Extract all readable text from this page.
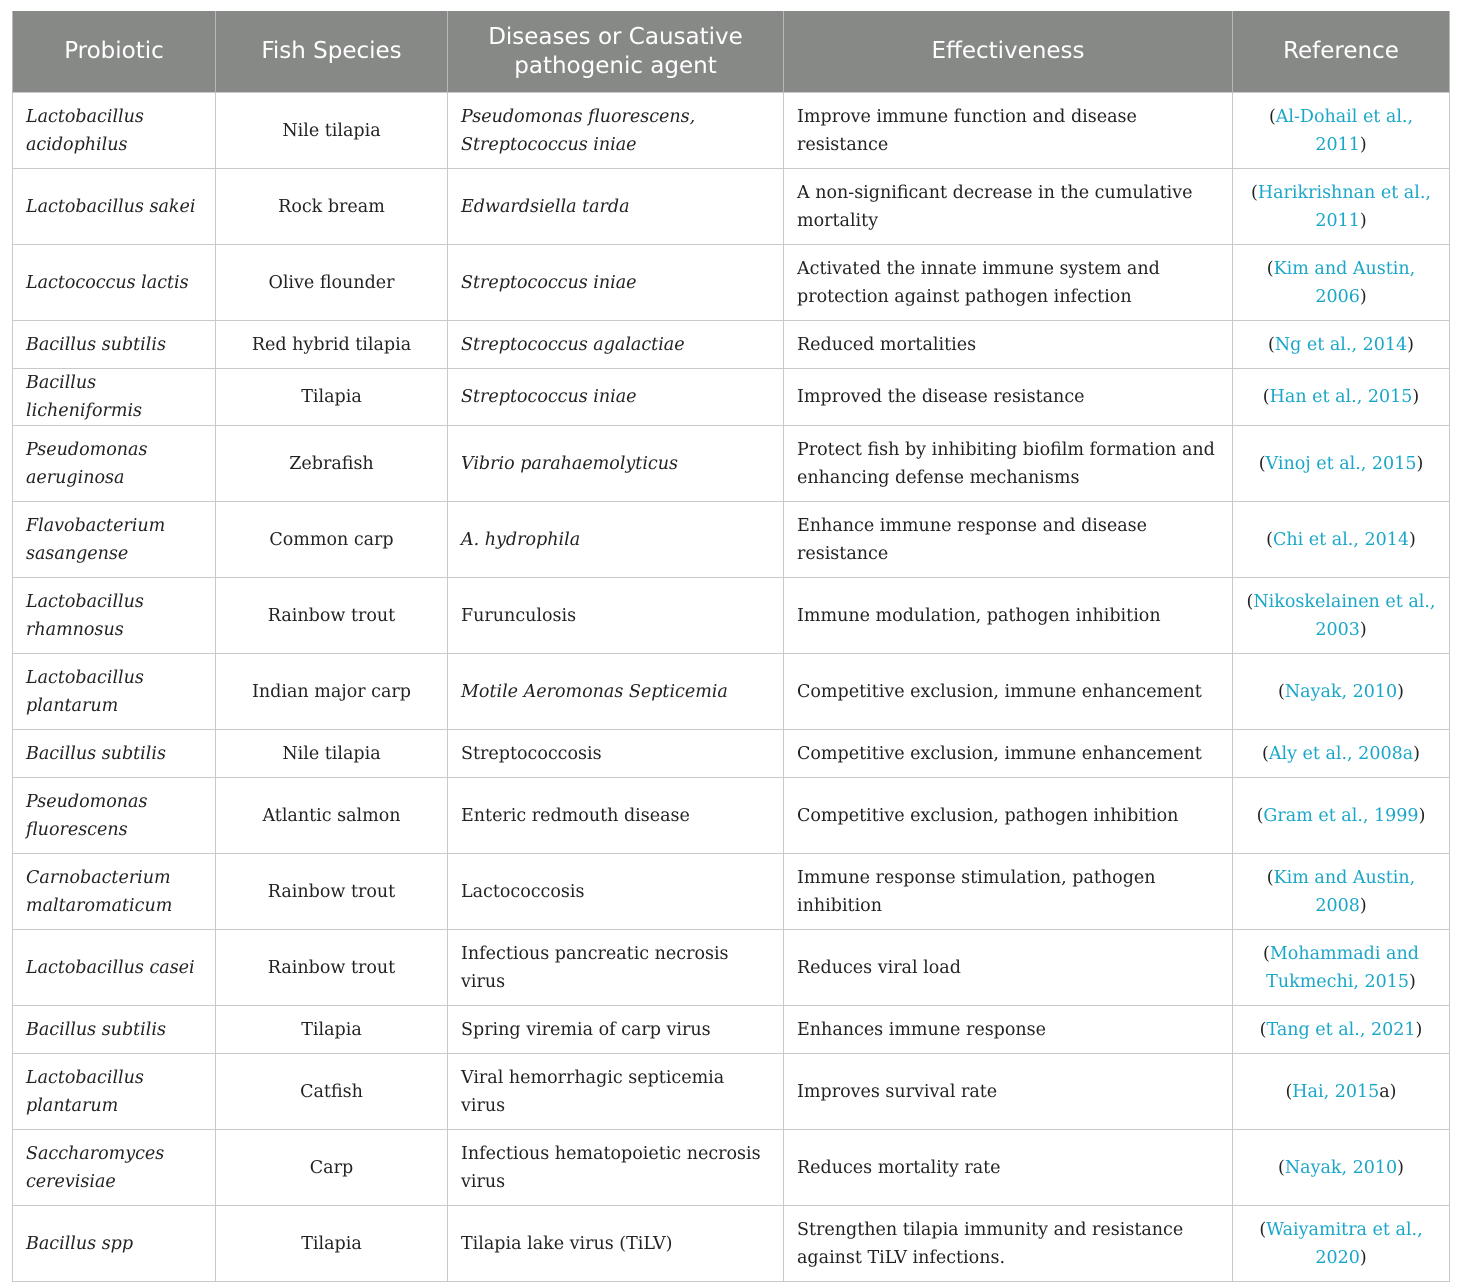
Probiotic	Fish Species	Diseases or Causative pathogenic agent	Effectiveness	Reference
Lactobacillus acidophilus	Nile tilapia	Pseudomonas fluorescens, Streptococcus iniae	Improve immune function and disease resistance	(Al-Dohail et al., 2011)
Lactobacillus sakei	Rock bream	Edwardsiella tarda	A non-significant decrease in the cumulative mortality	(Harikrishnan et al., 2011)
Lactococcus lactis	Olive flounder	Streptococcus iniae	Activated the innate immune system and protection against pathogen infection	(Kim and Austin, 2006)
Bacillus subtilis	Red hybrid tilapia	Streptococcus agalactiae	Reduced mortalities	(Ng et al., 2014)
Bacillus licheniformis	Tilapia	Streptococcus iniae	Improved the disease resistance	(Han et al., 2015)
Pseudomonas aeruginosa	Zebrafish	Vibrio parahaemolyticus	Protect fish by inhibiting biofilm formation and enhancing defense mechanisms	(Vinoj et al., 2015)
Flavobacterium sasangense	Common carp	A. hydrophila	Enhance immune response and disease resistance	(Chi et al., 2014)
Lactobacillus rhamnosus	Rainbow trout	Furunculosis	Immune modulation, pathogen inhibition	(Nikoskelainen et al., 2003)
Lactobacillus plantarum	Indian major carp	Motile Aeromonas Septicemia	Competitive exclusion, immune enhancement	(Nayak, 2010)
Bacillus subtilis	Nile tilapia	Streptococcosis	Competitive exclusion, immune enhancement	(Aly et al., 2008a)
Pseudomonas fluorescens	Atlantic salmon	Enteric redmouth disease	Competitive exclusion, pathogen inhibition	(Gram et al., 1999)
Carnobacterium maltaromaticum	Rainbow trout	Lactococcosis	Immune response stimulation, pathogen inhibition	(Kim and Austin, 2008)
Lactobacillus casei	Rainbow trout	Infectious pancreatic necrosis virus	Reduces viral load	(Mohammadi and Tukmechi, 2015)
Bacillus subtilis	Tilapia	Spring viremia of carp virus	Enhances immune response	(Tang et al., 2021)
Lactobacillus plantarum	Catfish	Viral hemorrhagic septicemia virus	Improves survival rate	(Hai, 2015a)
Saccharomyces cerevisiae	Carp	Infectious hematopoietic necrosis virus	Reduces mortality rate	(Nayak, 2010)
Bacillus spp	Tilapia	Tilapia lake virus (TiLV)	Strengthen tilapia immunity and resistance against TiLV infections.	(Waiyamitra et al., 2020)
